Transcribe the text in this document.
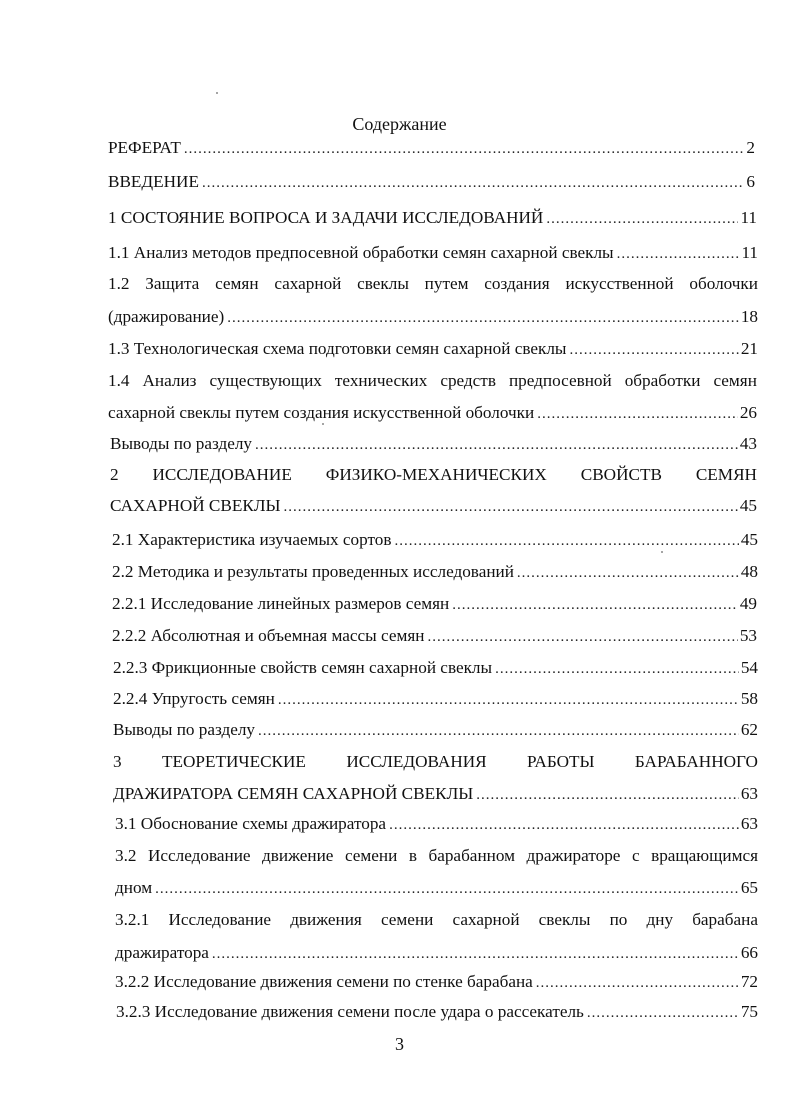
Содержание
РЕФЕРАТ .....	2
ВВЕДЕНИЕ .....	6
1 СОСТОЯНИЕ ВОПРОСА И ЗАДАЧИ ИССЛЕДОВАНИЙ .....	11
1.1 Анализ методов предпосевной обработки семян сахарной свеклы .....	11
1.2 Защита семян сахарной свеклы путем создания искусственной оболочки
(дражирование) .....	18
1.3 Технологическая схема подготовки семян сахарной свеклы .....	21
1.4 Анализ существующих технических средств предпосевной обработки семян
сахарной свеклы путем создания искусственной оболочки .....	26
Выводы по разделу .....	43
2 ИССЛЕДОВАНИЕ ФИЗИКО-МЕХАНИЧЕСКИХ СВОЙСТВ СЕМЯН
САХАРНОЙ СВЕКЛЫ .....	45
2.1 Характеристика изучаемых сортов .....	45
2.2 Методика и результаты проведенных исследований .....	48
2.2.1 Исследование линейных размеров семян .....	49
2.2.2 Абсолютная и объемная массы семян .....	53
2.2.3 Фрикционные свойств семян сахарной свеклы .....	54
2.2.4 Упругость семян .....	58
Выводы по разделу .....	62
3 ТЕОРЕТИЧЕСКИЕ ИССЛЕДОВАНИЯ РАБОТЫ БАРАБАННОГО
ДРАЖИРАТОРА СЕМЯН САХАРНОЙ СВЕКЛЫ .....	63
3.1 Обоснование схемы дражиратора .....	63
3.2 Исследование движение семени в барабанном дражираторе с вращающимся
дном .....	65
3.2.1 Исследование движения семени сахарной свеклы по дну барабана
дражиратора .....	66
3.2.2 Исследование движения семени по стенке барабана .....	72
3.2.3 Исследование движения семени после удара о рассекатель .....	75
3
